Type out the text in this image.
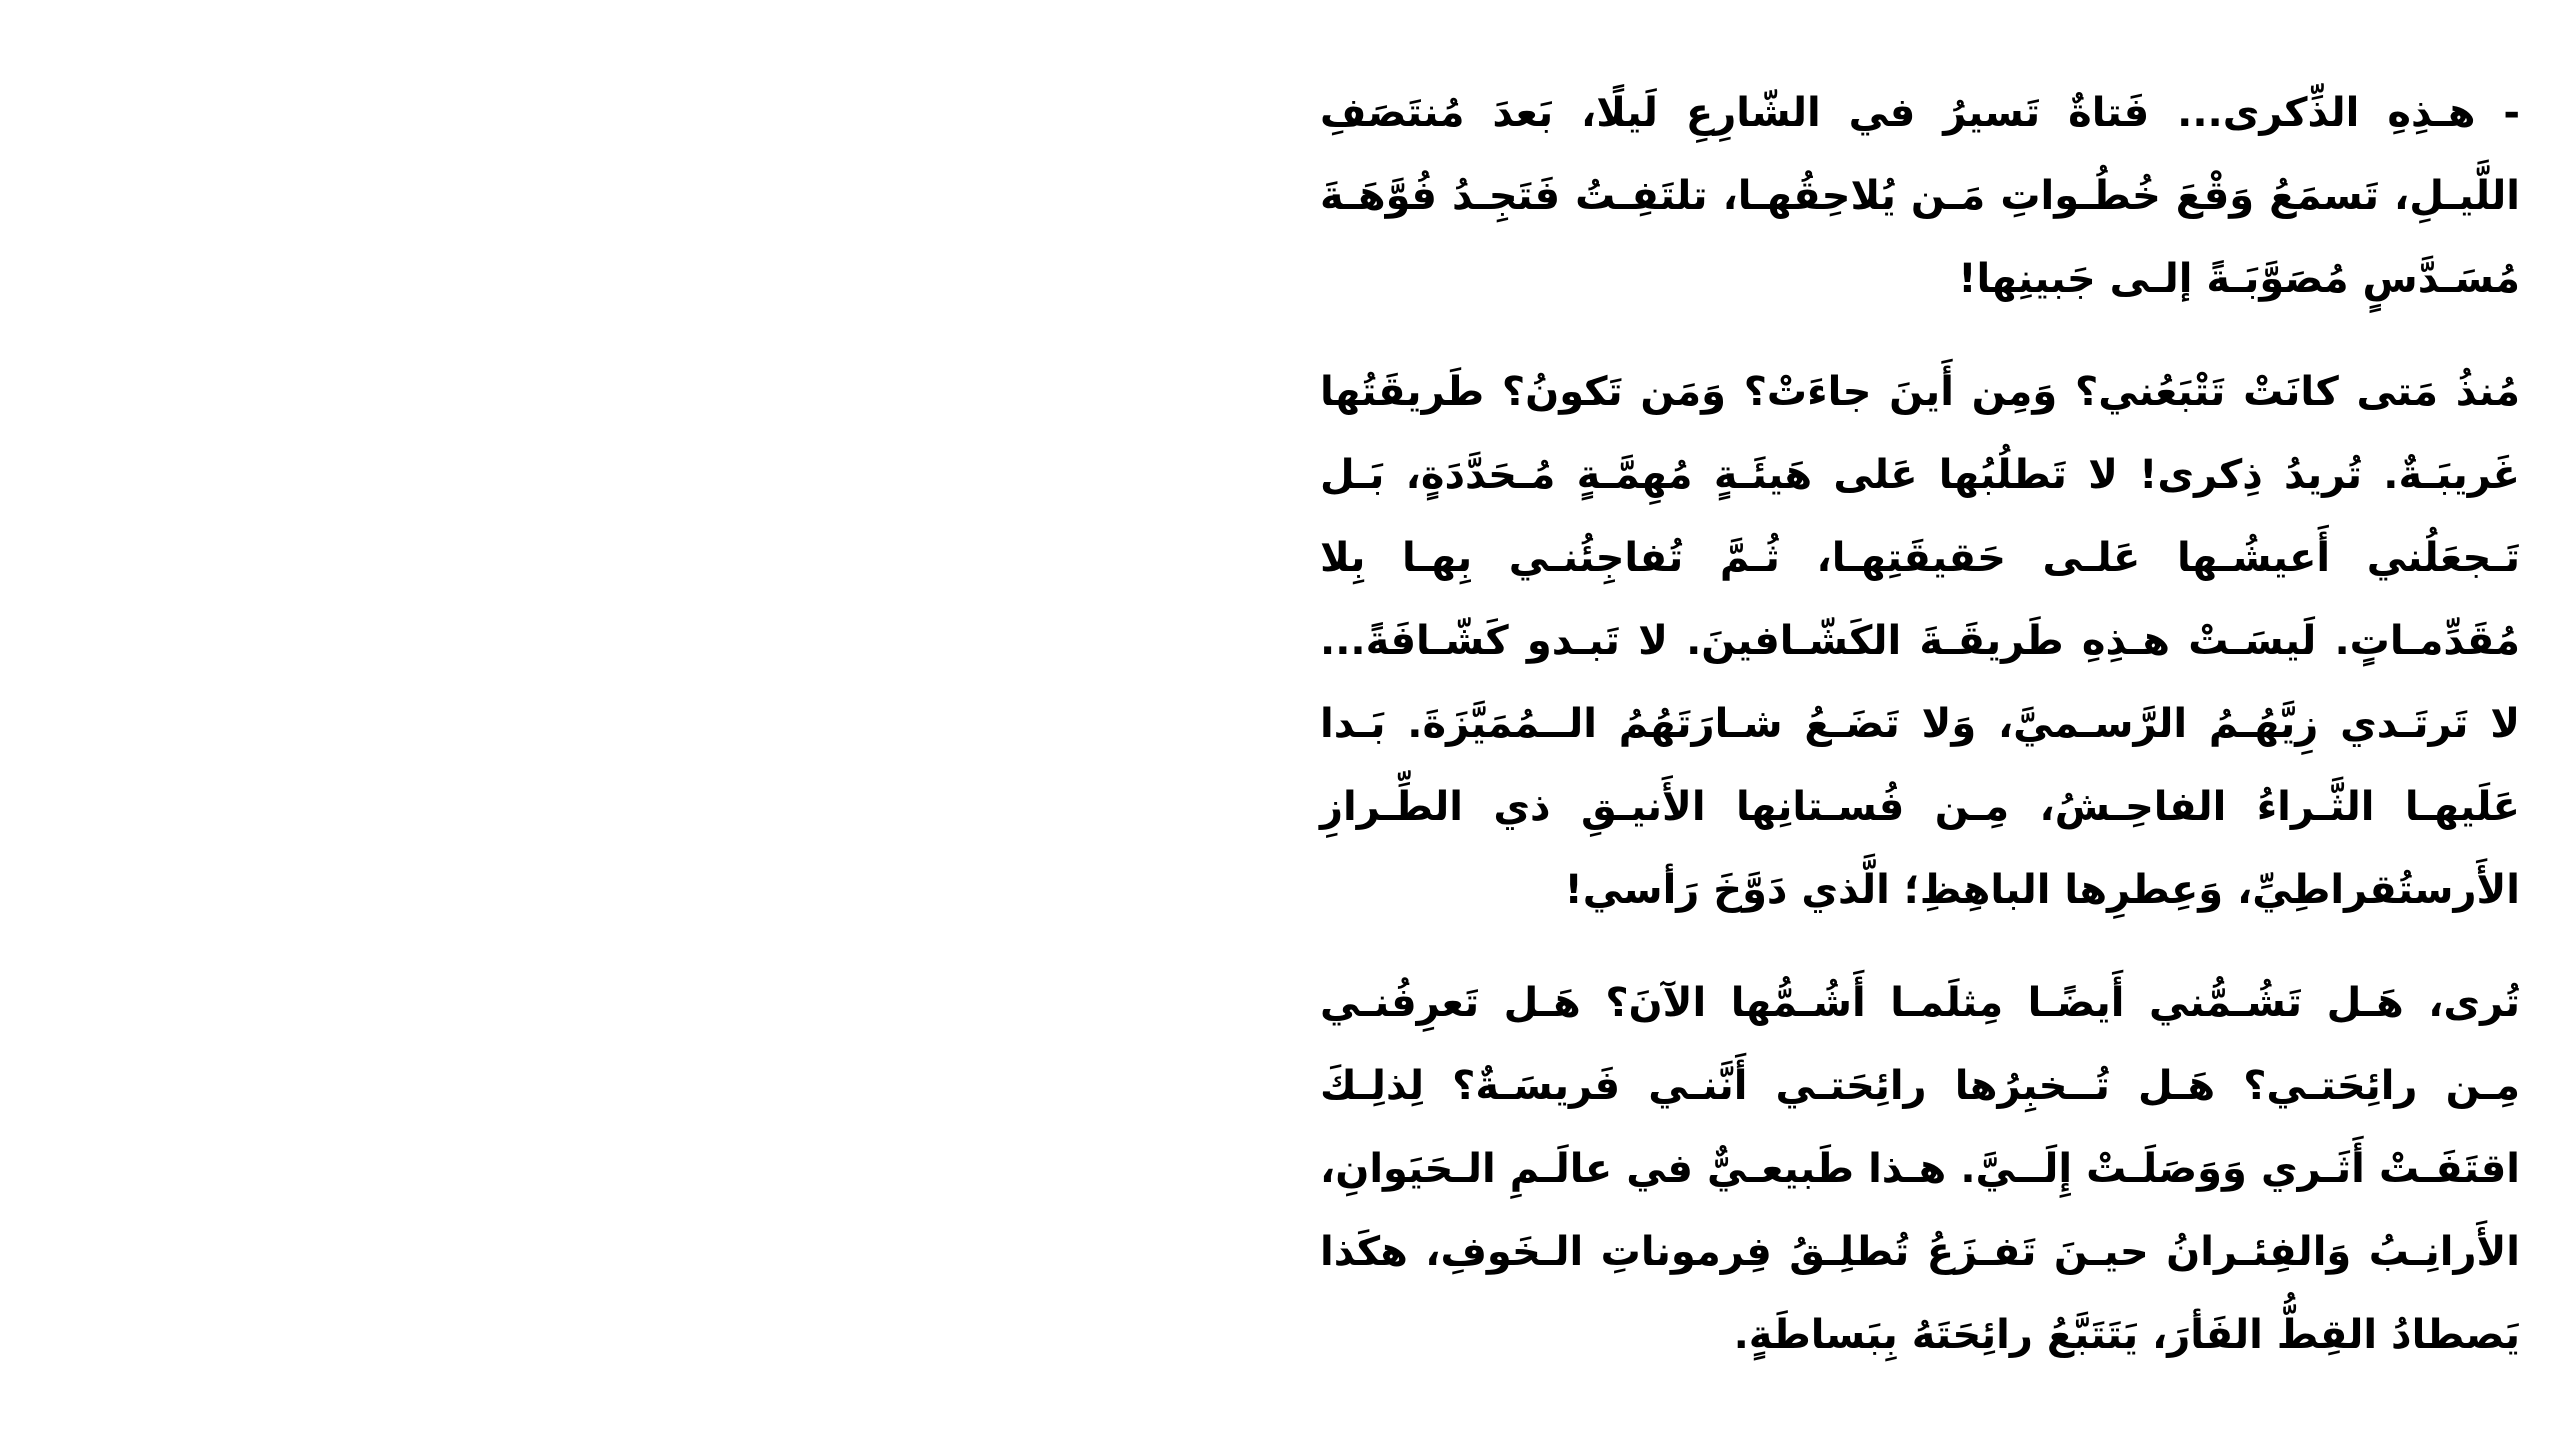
- هـذِهِ الذِّكرى... فَتاةٌ تَسيرُ في الشّارِعِ لَيلًا، بَعدَ مُنتَصَفِ اللَّيـلِ، تَسمَعُ وَقْعَ خُطُـواتِ مَـن يُلاحِقُهـا، تلتَفِـتُ فَتَجِـدُ فُوَّهَـةَ مُسَـدَّسٍ مُصَوَّبَـةً إلـى جَبينِها!

مُنذُ مَتى كانَتْ تَتْبَعُني؟ وَمِن أَينَ جاءَتْ؟ وَمَن تَكونُ؟ طَريقَتُها غَريبَـةٌ. تُريدُ ذِكرى! لا تَطلُبُها عَلى هَيئَـةٍ مُهِمَّـةٍ مُـحَدَّدَةٍ، بَـل تَـجعَلُني أَعيشُـها عَلـى حَقيقَتِهـا، ثُـمَّ تُفاجِئُنـي بِهـا بِلا مُقَدِّمـاتٍ. لَيسَـتْ هـذِهِ طَريقَـةَ الكَشّـافينَ. لا تَبـدو كَشّـافَةً... لا تَرتَـدي زِيَّهُـمُ الرَّسـميَّ، وَلا تَضَـعُ شـارَتَهُمُ الــمُمَيَّزَةَ. بَـدا عَلَيهـا الثَّـراءُ الفاحِـشُ، مِـن فُسـتانِها الأَنيـقِ ذي الطِّـرازِ الأَرستُقراطِيِّ، وَعِطرِها الباهِظِ؛ الَّذي دَوَّخَ رَأسي!

تُرى، هَـل تَشُـمُّني أَيضًـا مِثلَمـا أَشُـمُّها الآنَ؟ هَـل تَعرِفُنـي مِـن رائِحَتـي؟ هَـل تُــخبِرُها رائِحَتـي أَنَّنـي فَريسَـةٌ؟ لِذلِـكَ اقتَفَـتْ أَثَـري وَوَصَلَـتْ إِلَــيَّ. هـذا طَبيعـيٌّ في عالَـمِ الـحَيَوانِ، الأَرانِـبُ وَالفِئـرانُ حيـنَ تَفـزَعُ تُطلِـقُ فِرموناتِ الـخَوفِ، هكَذا يَصطادُ القِطُّ الفَأرَ، يَتَتَبَّعُ رائِحَتَهُ بِبَساطَةٍ.
